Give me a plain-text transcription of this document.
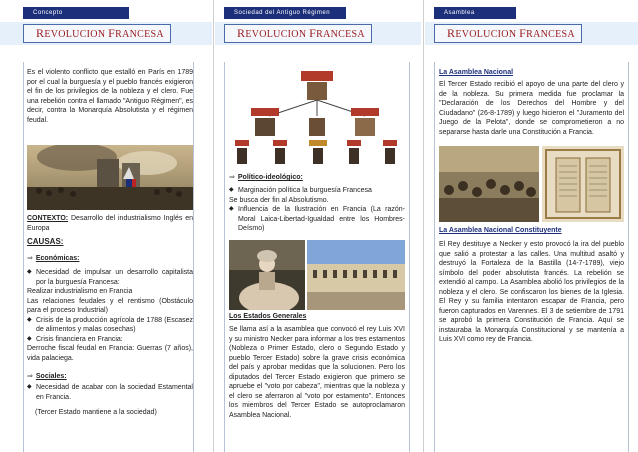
Concepto
REVOLUCION FRANCESA
Es el violento conflicto que estalló en París en 1789 por el cual la burguesía y el pueblo francés exigieron el fin de los privilegios de la nobleza y el clero. Fue una rebelión contra el llamado "Antiguo Régimen", es decir, contra la Monarquía Absolutista y el régimen feudal.
CONTEXTO: Desarrollo del industrialismo Inglés en Europa
CAUSAS:
⇒ Económicas:
◆ Necesidad de impulsar un desarrollo capitalista por la burguesía Francesa:
Realizar industrialismo en Francia
Las relaciones feudales y el rentismo (Obstáculo para el proceso Industrial)
◆ Crisis de la producción agrícola de 1788 (Escasez de alimentos y malas cosechas)
◆ Crisis financiera en Francia:
Derroche fiscal feudal en Francia: Guerras (7 años), vida palaciega.
⇒ Sociales:
◆ Necesidad de acabar con la sociedad Estamental en Francia.
(Tercer Estado mantiene a la sociedad)
Sociedad del Antiguo Régimen
REVOLUCION FRANCESA
⇒ Político-ideológico:
◆ Marginación política la burguesía Francesa
Se busca der fin al Absolutismo.
◆ Influencia de la Ilustración en Francia (La razón-Moral Laica-Libertad-Igualdad entre los Hombres-Deísmo)
Los Estados Generales
Se llama así a la asamblea que convocó el rey Luis XVI y su ministro Necker para informar a los tres estamentos (Nobleza o Primer Estado, clero o Segundo Estado y pueblo Tercer Estado) sobre la grave crisis económica del país y aprobar medidas que la solucionen. Pero los diputados del Tercer Estado exigieron que primero se apruebe el "voto por cabeza", mientras que la nobleza y el clero se aferraron al "voto por estamento". Entonces los miembros del Tercer Estado se autoproclamaron Asamblea Nacional.
Asamblea
REVOLUCION FRANCESA
La Asamblea Nacional
El Tercer Estado recibió el apoyo de una parte del clero y de la nobleza. Su primera medida fue proclamar la "Declaración de los Derechos del Hombre y del Ciudadano" (26-8-1789) y luego hicieron el "Juramento del Juego de la Pelota", donde se comprometieron a no separarse hasta darle una Constitución a Francia.
La Asamblea Nacional Constituyente
El Rey destituye a Necker y esto provocó la ira del pueblo que salió a protestar a las calles. Una multitud asaltó y destruyó la Fortaleza de la Bastilla (14-7-1789), viejo símbolo del poder absolutista francés. La rebelión se extendió al campo. La Asamblea abolió los privilegios de la nobleza y el clero. Se confiscaron los bienes de la Iglesia. El Rey y su familia intentaron escapar de Francia, pero fueron capturados en Varennes. El 3 de setiembre de 1791 se aprobó la primera Constitución de Francia. Aquí se instauraba la Monarquía Constitucional y se mantenía a Luis XVI como rey de Francia.
